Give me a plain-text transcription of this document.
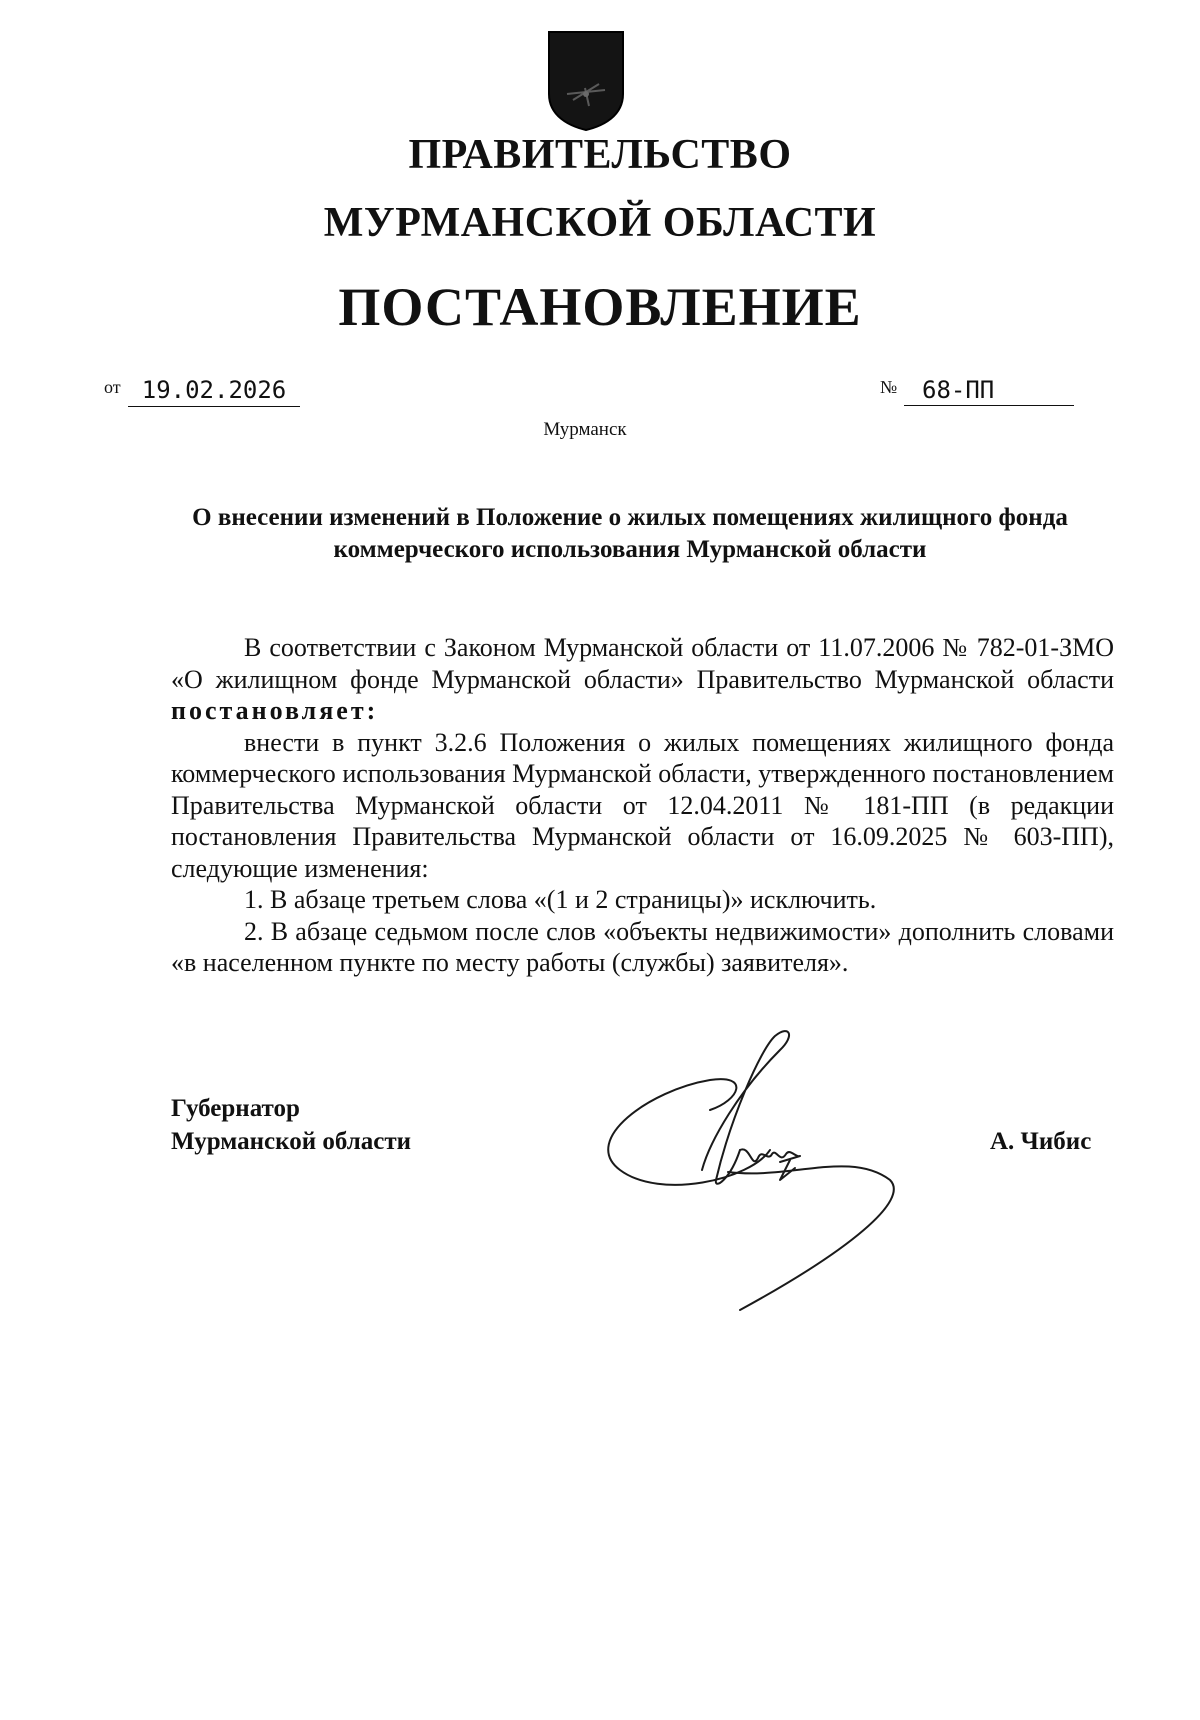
ПРАВИТЕЛЬСТВО
МУРМАНСКОЙ ОБЛАСТИ
ПОСТАНОВЛЕНИЕ
от 19.02.2026	№	68-ПП
Мурманск
О внесении изменений в Положение о жилых помещениях жилищного фонда коммерческого использования Мурманской области

В соответствии с Законом Мурманской области от 11.07.2006 № 782-01-ЗМО «О жилищном фонде Мурманской области» Правительство Мурманской области постановляет:

внести в пункт 3.2.6 Положения о жилых помещениях жилищного фонда коммерческого использования Мурманской области, утвержденного постановлением Правительства Мурманской области от 12.04.2011 № 181-ПП (в редакции постановления Правительства Мурманской области от 16.09.2025 № 603-ПП), следующие изменения:

1. В абзаце третьем слова «(1 и 2 страницы)» исключить.

2. В абзаце седьмом после слов «объекты недвижимости» дополнить словами «в населенном пункте по месту работы (службы) заявителя».

Губернатор
Мурманской области	А. Чибис
